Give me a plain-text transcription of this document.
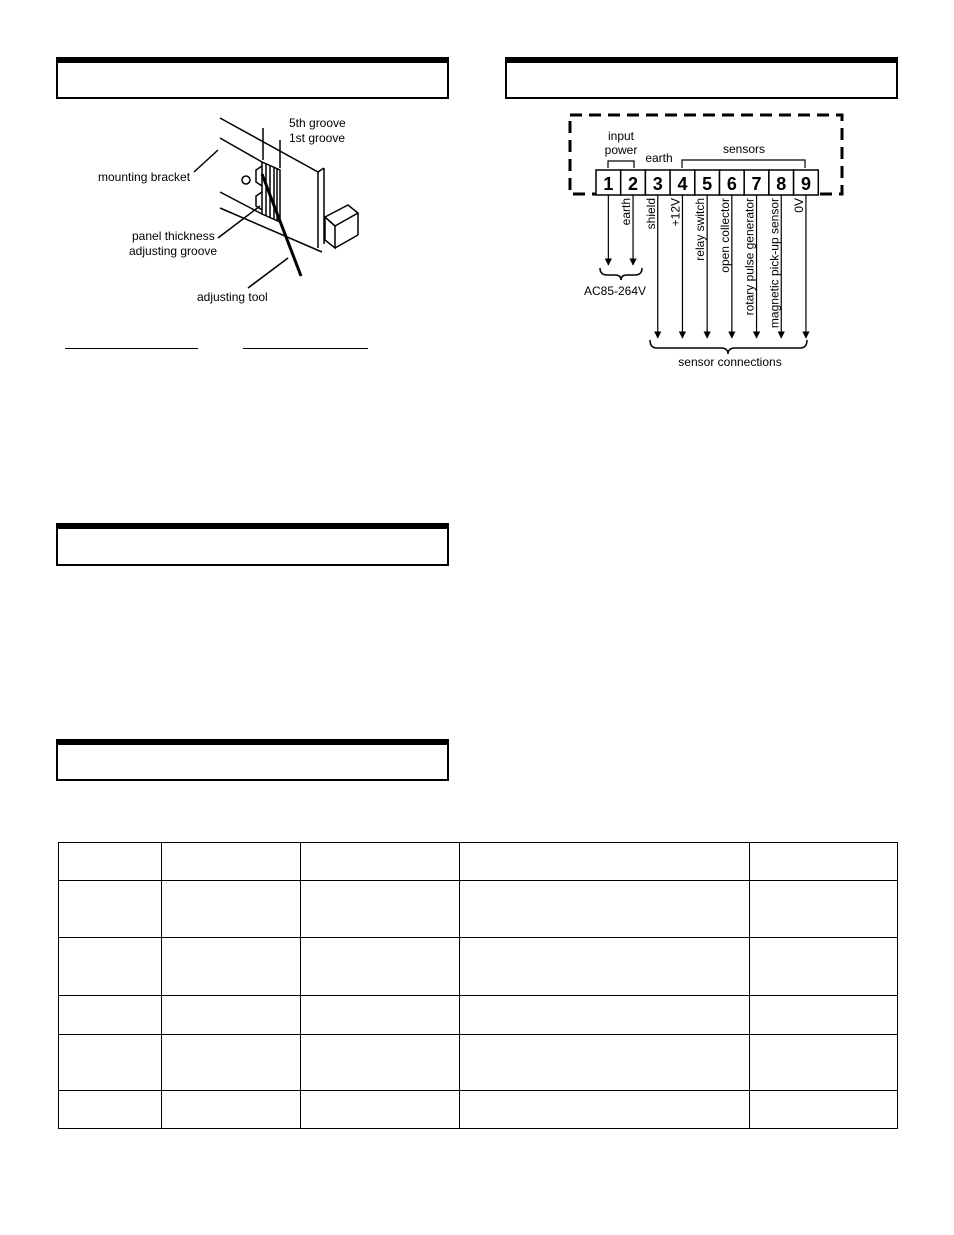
5th groove
1st groove
mounting bracket
panel thickness
adjusting groove
adjusting tool
input
power
earth
sensors
1 2 3 4 5 6 7 8 9
earth shield +12V relay switch open collector rotary pulse generator magnetic pick-up sensor 0V
AC85-264V
sensor connections
